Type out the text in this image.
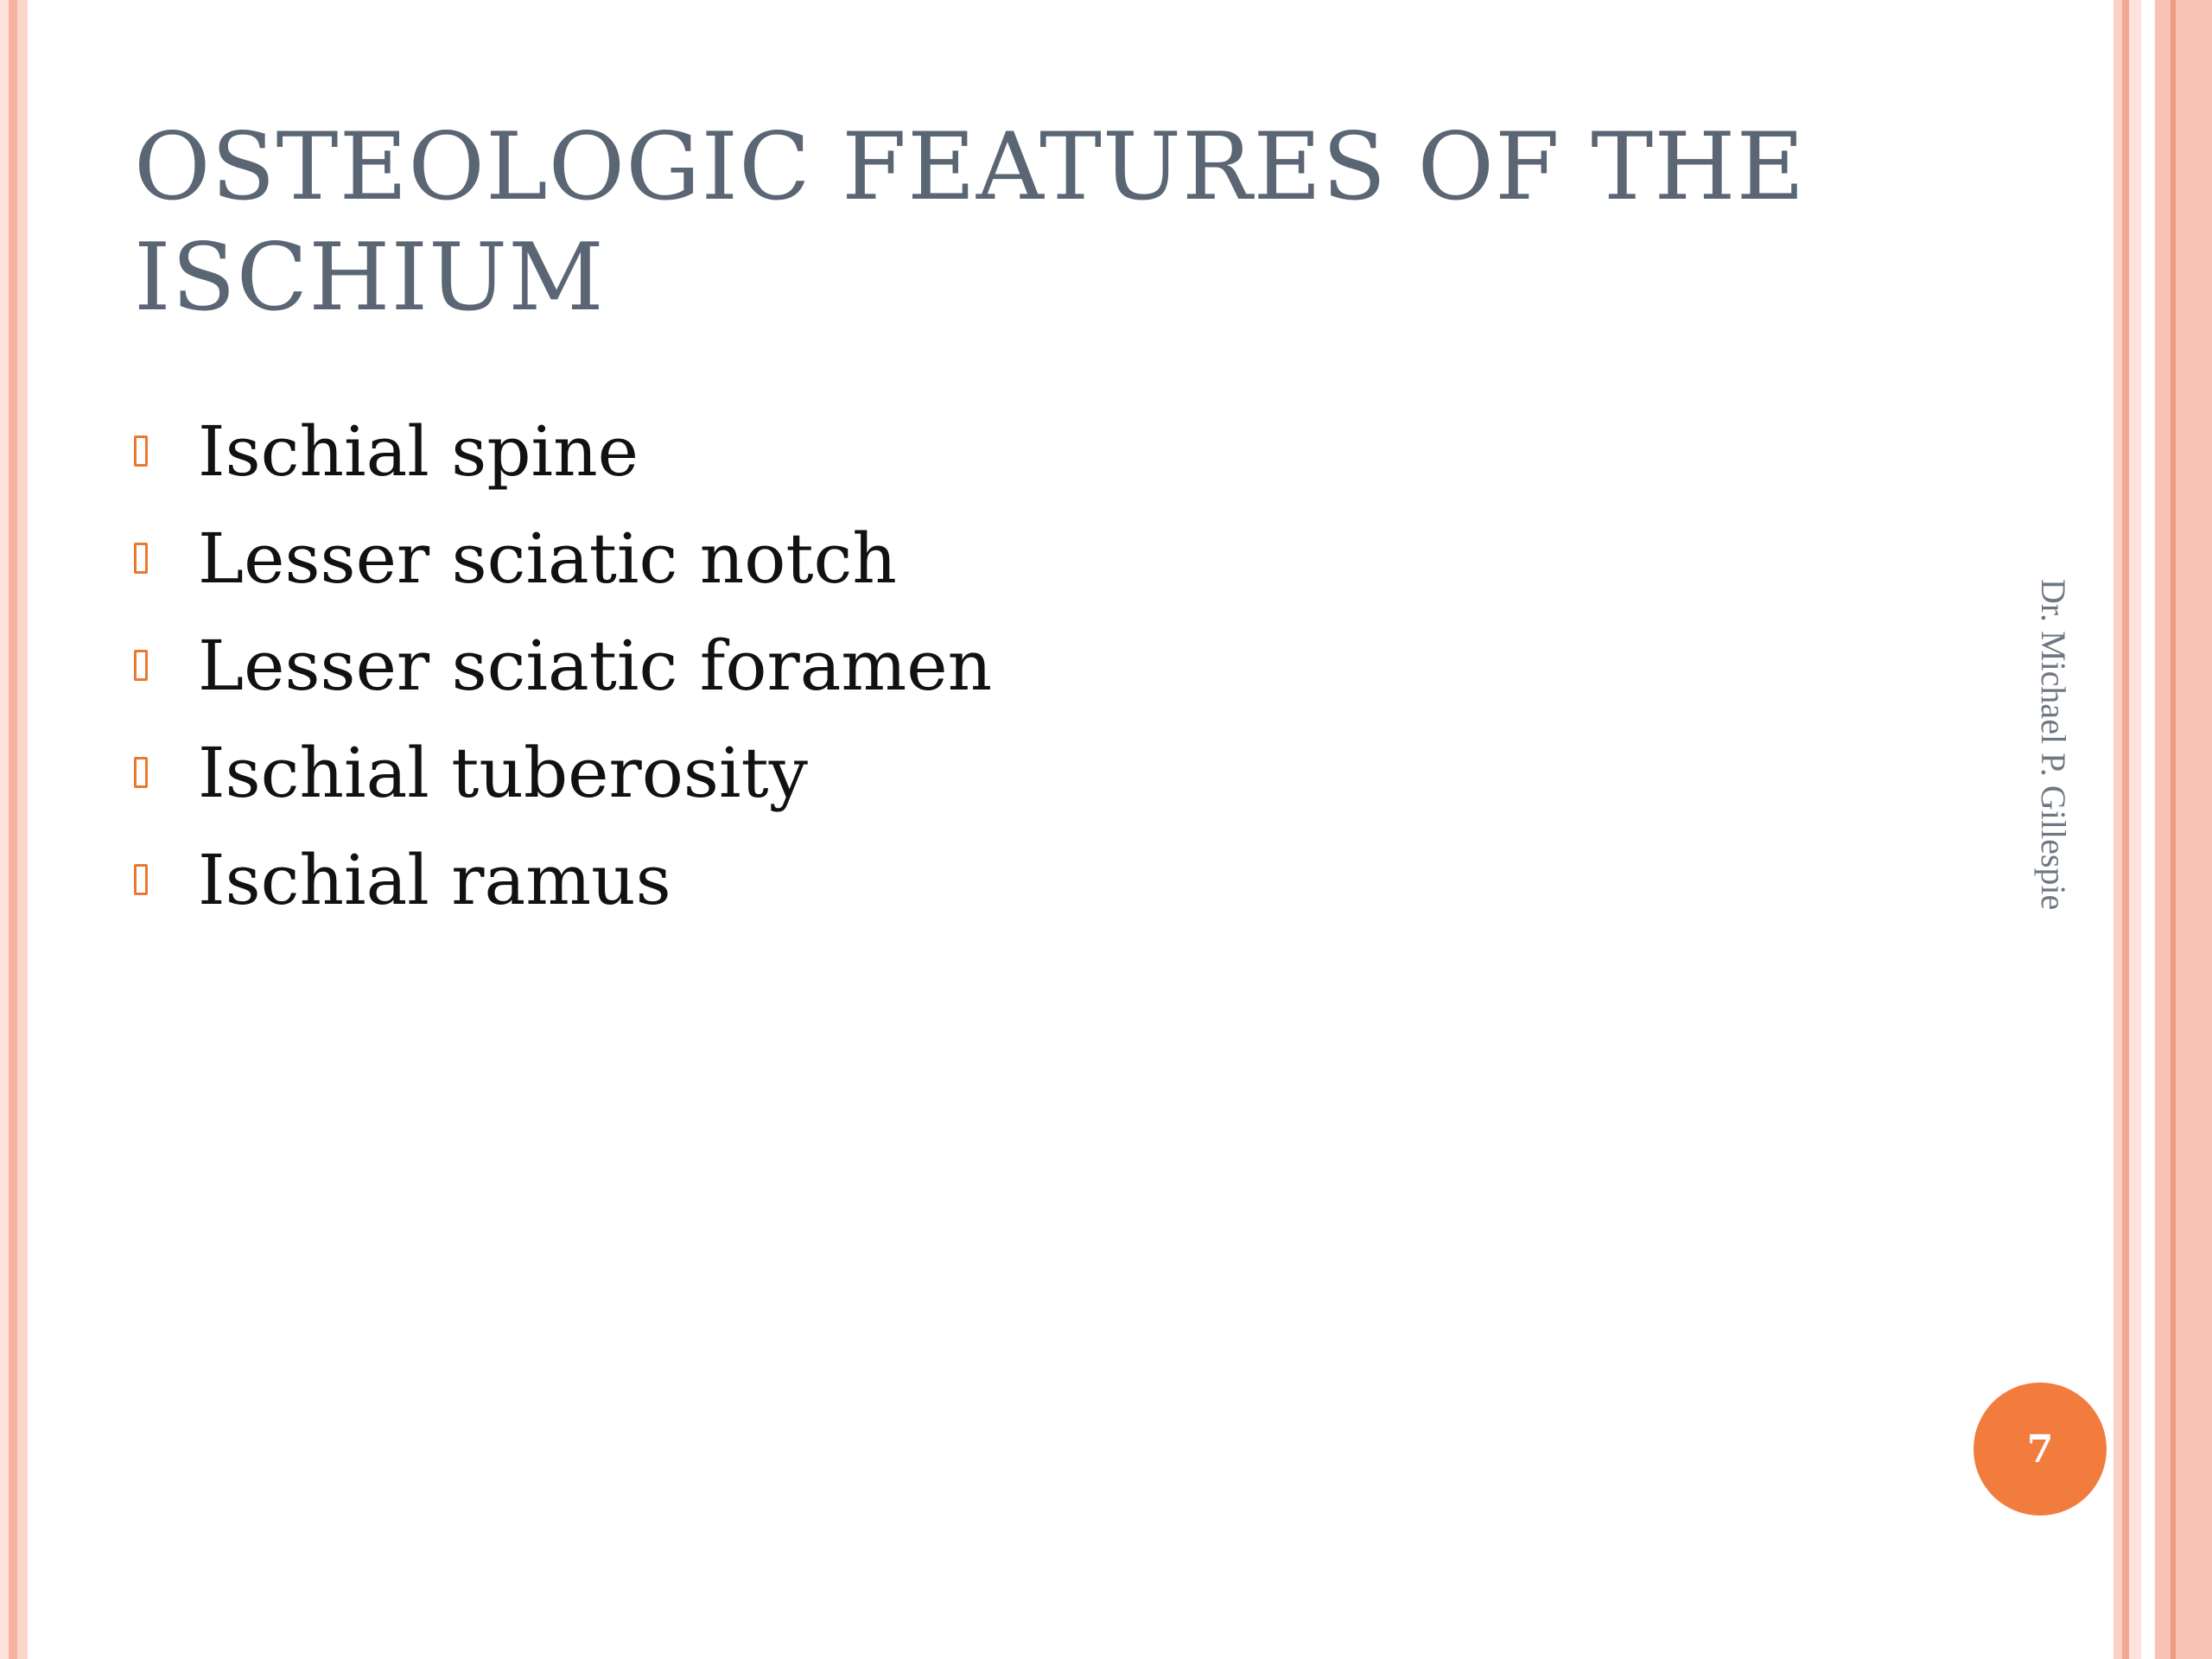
OSTEOLOGIC FEATURES OF THE
ISCHIUM
Ischial spine
Lesser sciatic notch
Lesser sciatic foramen
Ischial tuberosity
Ischial ramus	Dr. Michael P. Gillespie
7
